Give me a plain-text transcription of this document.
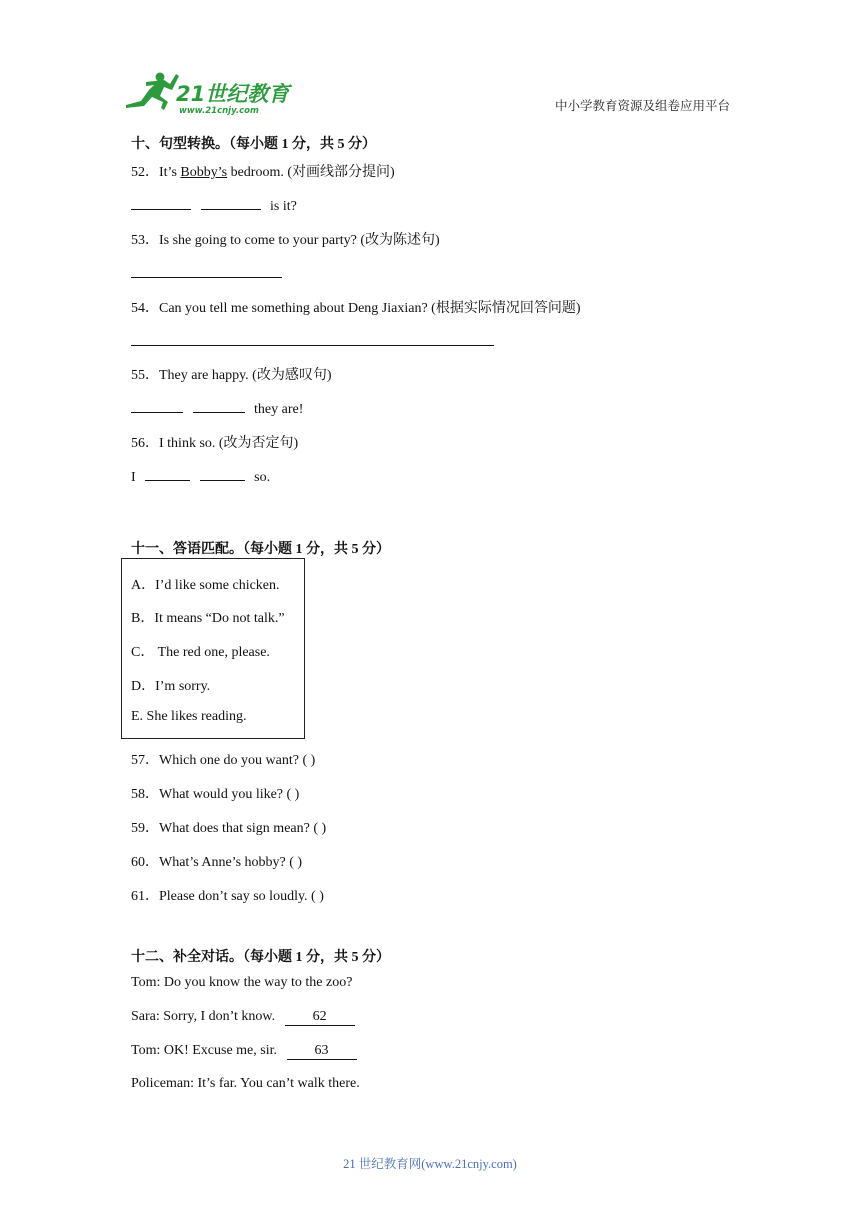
21世纪教育
www.21cnjy.com	中小学教育资源及组卷应用平台
十、句型转换。（每小题 1 分，共 5 分）
52．It’s Bobby’s bedroom. (对画线部分提问)
is it?
53．Is she going to come to your party? (改为陈述句)
54．Can you tell me something about Deng Jiaxian? (根据实际情况回答问题)
55．They are happy. (改为感叹句)
they are!
56．I think so. (改为否定句)
I	so.
十一、答语匹配。（每小题 1 分，共 5 分）
A．I’d like some chicken.
B．It means “Do not talk.”
C． The red one, please.
D．I’m sorry.
E. She likes reading.
57．Which one do you want? ( )
58．What would you like? ( )
59．What does that sign mean? ( )
60．What’s Anne’s hobby? ( )
61．Please don’t say so loudly. ( )
十二、补全对话。（每小题 1 分，共 5 分）
Tom: Do you know the way to the zoo?
Sara: Sorry, I don’t know.	62
Tom: OK! Excuse me, sir.	63
Policeman: It’s far. You can’t walk there.
21 世纪教育网(www.21cnjy.com)
